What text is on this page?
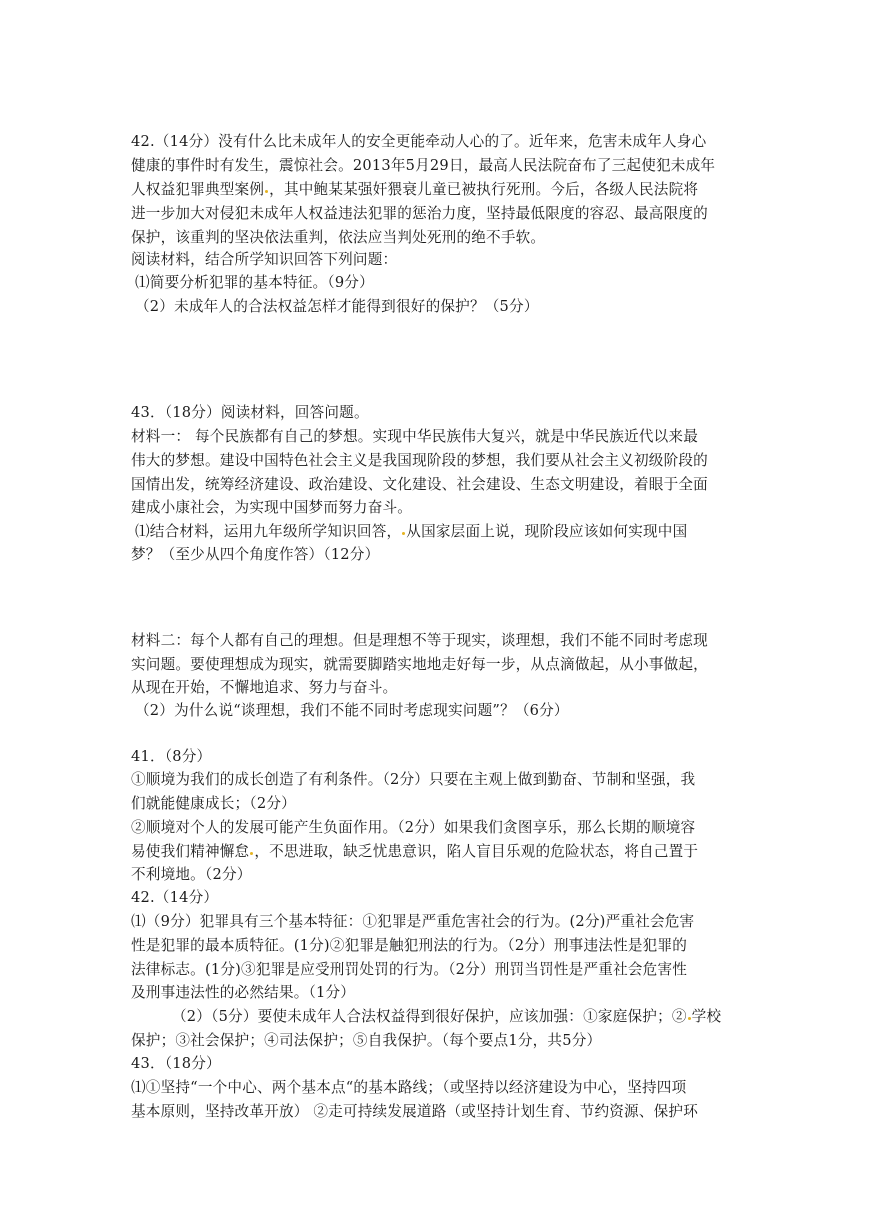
42.（14分）没有什么比未成年人的安全更能牵动人心的了。近年来，危害未成年人身心
健康的事件时有发生，震惊社会。2013年5月29日，最高人民法院奋布了三起使犯未成年
人权益犯罪典型案例 ，其中鲍某某强奸猥衰儿童已被执行死刑。今后，各级人民法院将
进一步加大对侵犯未成年人权益违法犯罪的惩治力度，坚持最低限度的容忍、最高限度的
保护，该重判的坚决依法重判，依法应当判处死刑的绝不手软。
阅读材料，结合所学知识回答下列问题：
⑴简要分析犯罪的基本特征。（9分）
（2）未成年人的合法权益怎样才能得到很好的保护？（5分）
43．（18分）阅读材料，回答问题。
材料一： 每个民族都有自己的梦想。实现中华民族伟大复兴，就是中华民族近代以来最
伟大的梦想。建设中国特色社会主义是我国现阶段的梦想，我们要从社会主义初级阶段的
国情出发，统筹经济建设、政治建设、文化建设、社会建设、生态文明建设，着眼于全面
建成小康社会，为实现中国梦而努力奋斗。
⑴结合材料，运用九年级所学知识回答， 从国家层面上说，现阶段应该如何实现中国
梦？（至少从四个角度作答）（12分）
材料二：每个人都有自己的理想。但是理想不等于现实，谈理想，我们不能不同时考虑现
实问题。要使理想成为现实，就需要脚踏实地地走好每一步，从点滴做起，从小事做起，
从现在开始，不懈地追求、努力与奋斗。
（2）为什么说“谈理想，我们不能不同时考虑现实问题”？（6分）
41．（8分）
①顺境为我们的成长创造了有利条件。（2分）只要在主观上做到勤奋、节制和坚强，我
们就能健康成长；（2分）
②顺境对个人的发展可能产生负面作用。（2分）如果我们贪图享乐，那么长期的顺境容
易使我们精神懈怠 ，不思进取，缺乏忧患意识，陷人盲目乐观的危险状态，将自己置于
不利境地。（2分）
42.（14分）
⑴（9分）犯罪具有三个基本特征：①犯罪是严重危害社会的行为。(2分)严重社会危害
性是犯罪的最本质特征。(1分)②犯罪是触犯刑法的行为。（2分）刑事违法性是犯罪的
法律标志。(1分)③犯罪是应受刑罚处罚的行为。（2分）刑罚当罚性是严重社会危害性
及刑事违法性的必然结果。（1分）
（2）（5分）要使未成年人合法权益得到很好保护，应该加强：①家庭保护；② 学校
保护；③社会保护；④司法保护；⑤自我保护。（每个要点1分，共5分）
43．（18分）
⑴①坚持“一个中心、两个基本点“的基本路线；（或坚持以经济建设为中心，坚持四项
基本原则，坚持改革开放） ②走可持续发展道路（或坚持计划生育、节约资源、保护环
